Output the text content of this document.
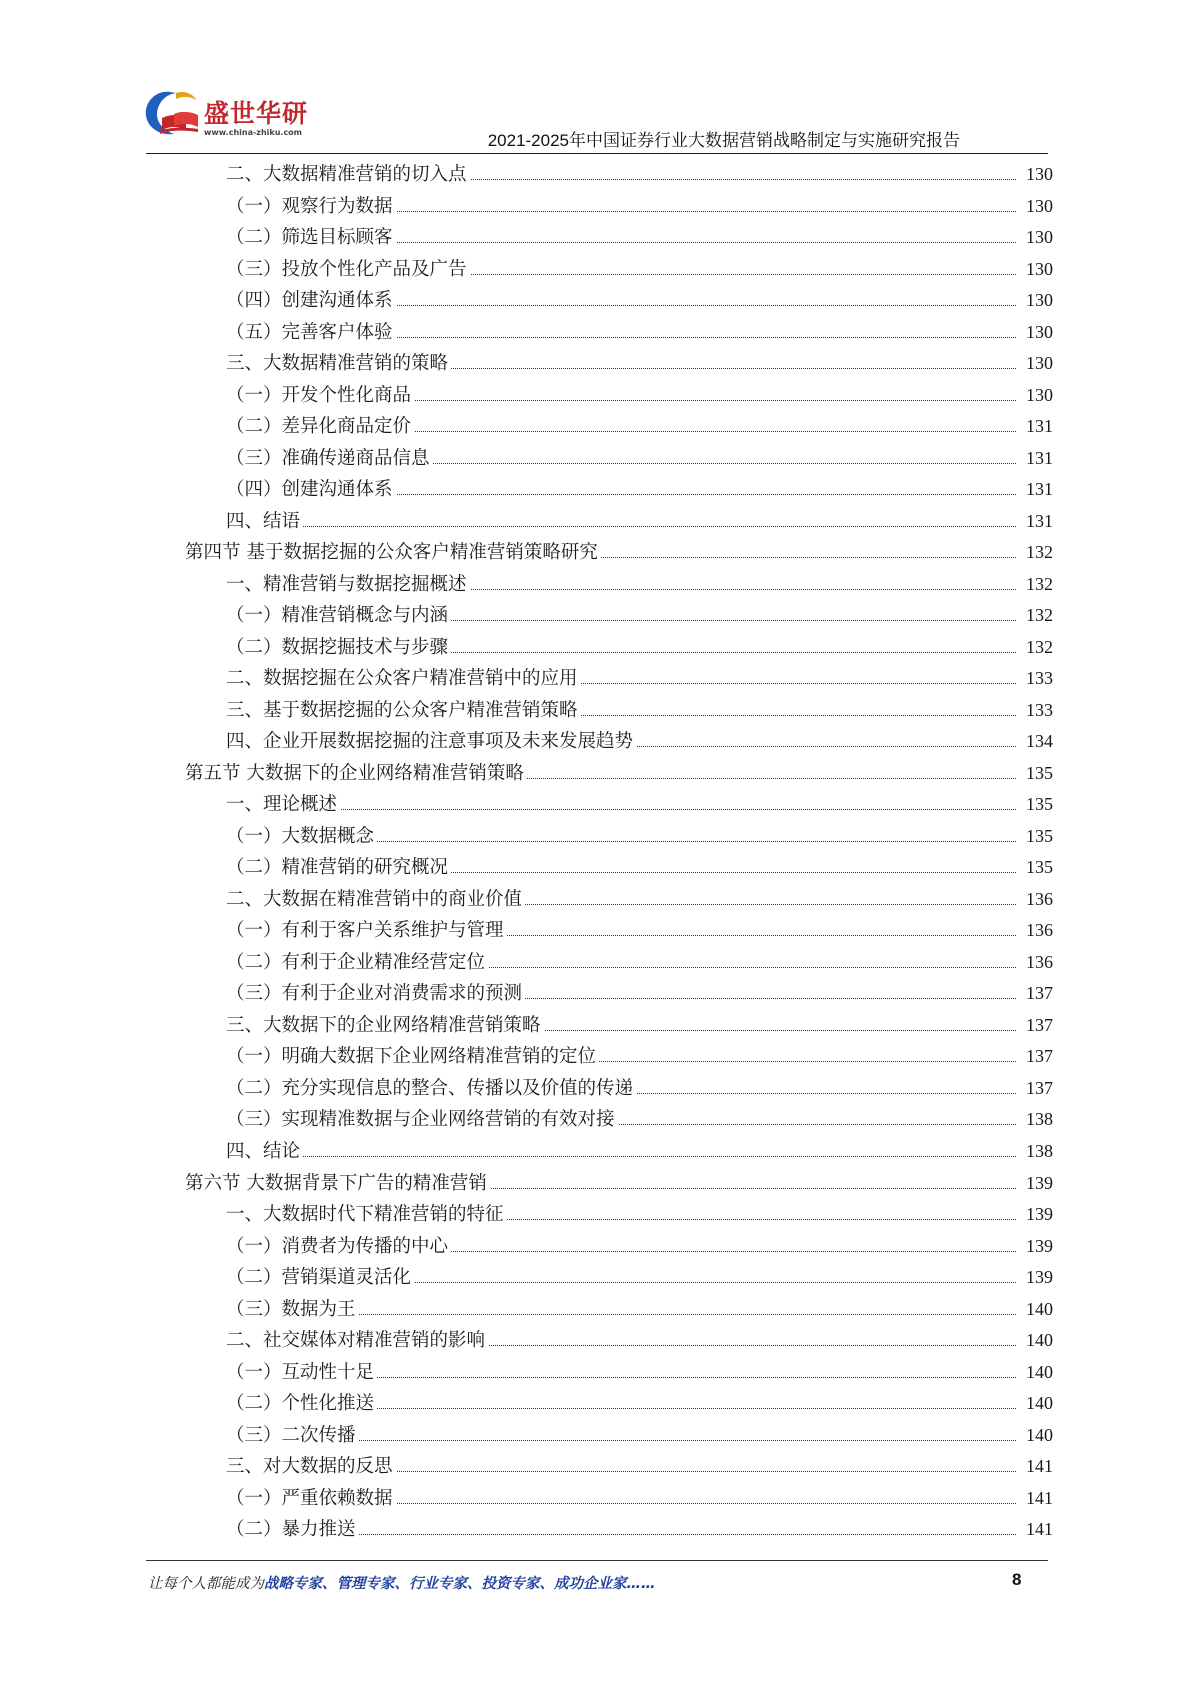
盛世华研
www.china-zhiku.com	2021-2025年中国证券行业大数据营销战略制定与实施研究报告
二、大数据精准营销的切入点	130
（一）观察行为数据	130
（二）筛选目标顾客	130
（三）投放个性化产品及广告	130
（四）创建沟通体系	130
（五）完善客户体验	130
三、大数据精准营销的策略	130
（一）开发个性化商品	130
（二）差异化商品定价	131
（三）准确传递商品信息	131
（四）创建沟通体系	131
四、结语	131
第四节 基于数据挖掘的公众客户精准营销策略研究	132
一、精准营销与数据挖掘概述	132
（一）精准营销概念与内涵	132
（二）数据挖掘技术与步骤	132
二、数据挖掘在公众客户精准营销中的应用	133
三、基于数据挖掘的公众客户精准营销策略	133
四、企业开展数据挖掘的注意事项及未来发展趋势	134
第五节 大数据下的企业网络精准营销策略	135
一、理论概述	135
（一）大数据概念	135
（二）精准营销的研究概况	135
二、大数据在精准营销中的商业价值	136
（一）有利于客户关系维护与管理	136
（二）有利于企业精准经营定位	136
（三）有利于企业对消费需求的预测	137
三、大数据下的企业网络精准营销策略	137
（一）明确大数据下企业网络精准营销的定位	137
（二）充分实现信息的整合、传播以及价值的传递	137
（三）实现精准数据与企业网络营销的有效对接	138
四、结论	138
第六节 大数据背景下广告的精准营销	139
一、大数据时代下精准营销的特征	139
（一）消费者为传播的中心	139
（二）营销渠道灵活化	139
（三）数据为王	140
二、社交媒体对精准营销的影响	140
（一）互动性十足	140
（二）个性化推送	140
（三）二次传播	140
三、对大数据的反思	141
（一）严重依赖数据	141
（二）暴力推送	141
让每个人都能成为战略专家、管理专家、行业专家、投资专家、成功企业家……	8
